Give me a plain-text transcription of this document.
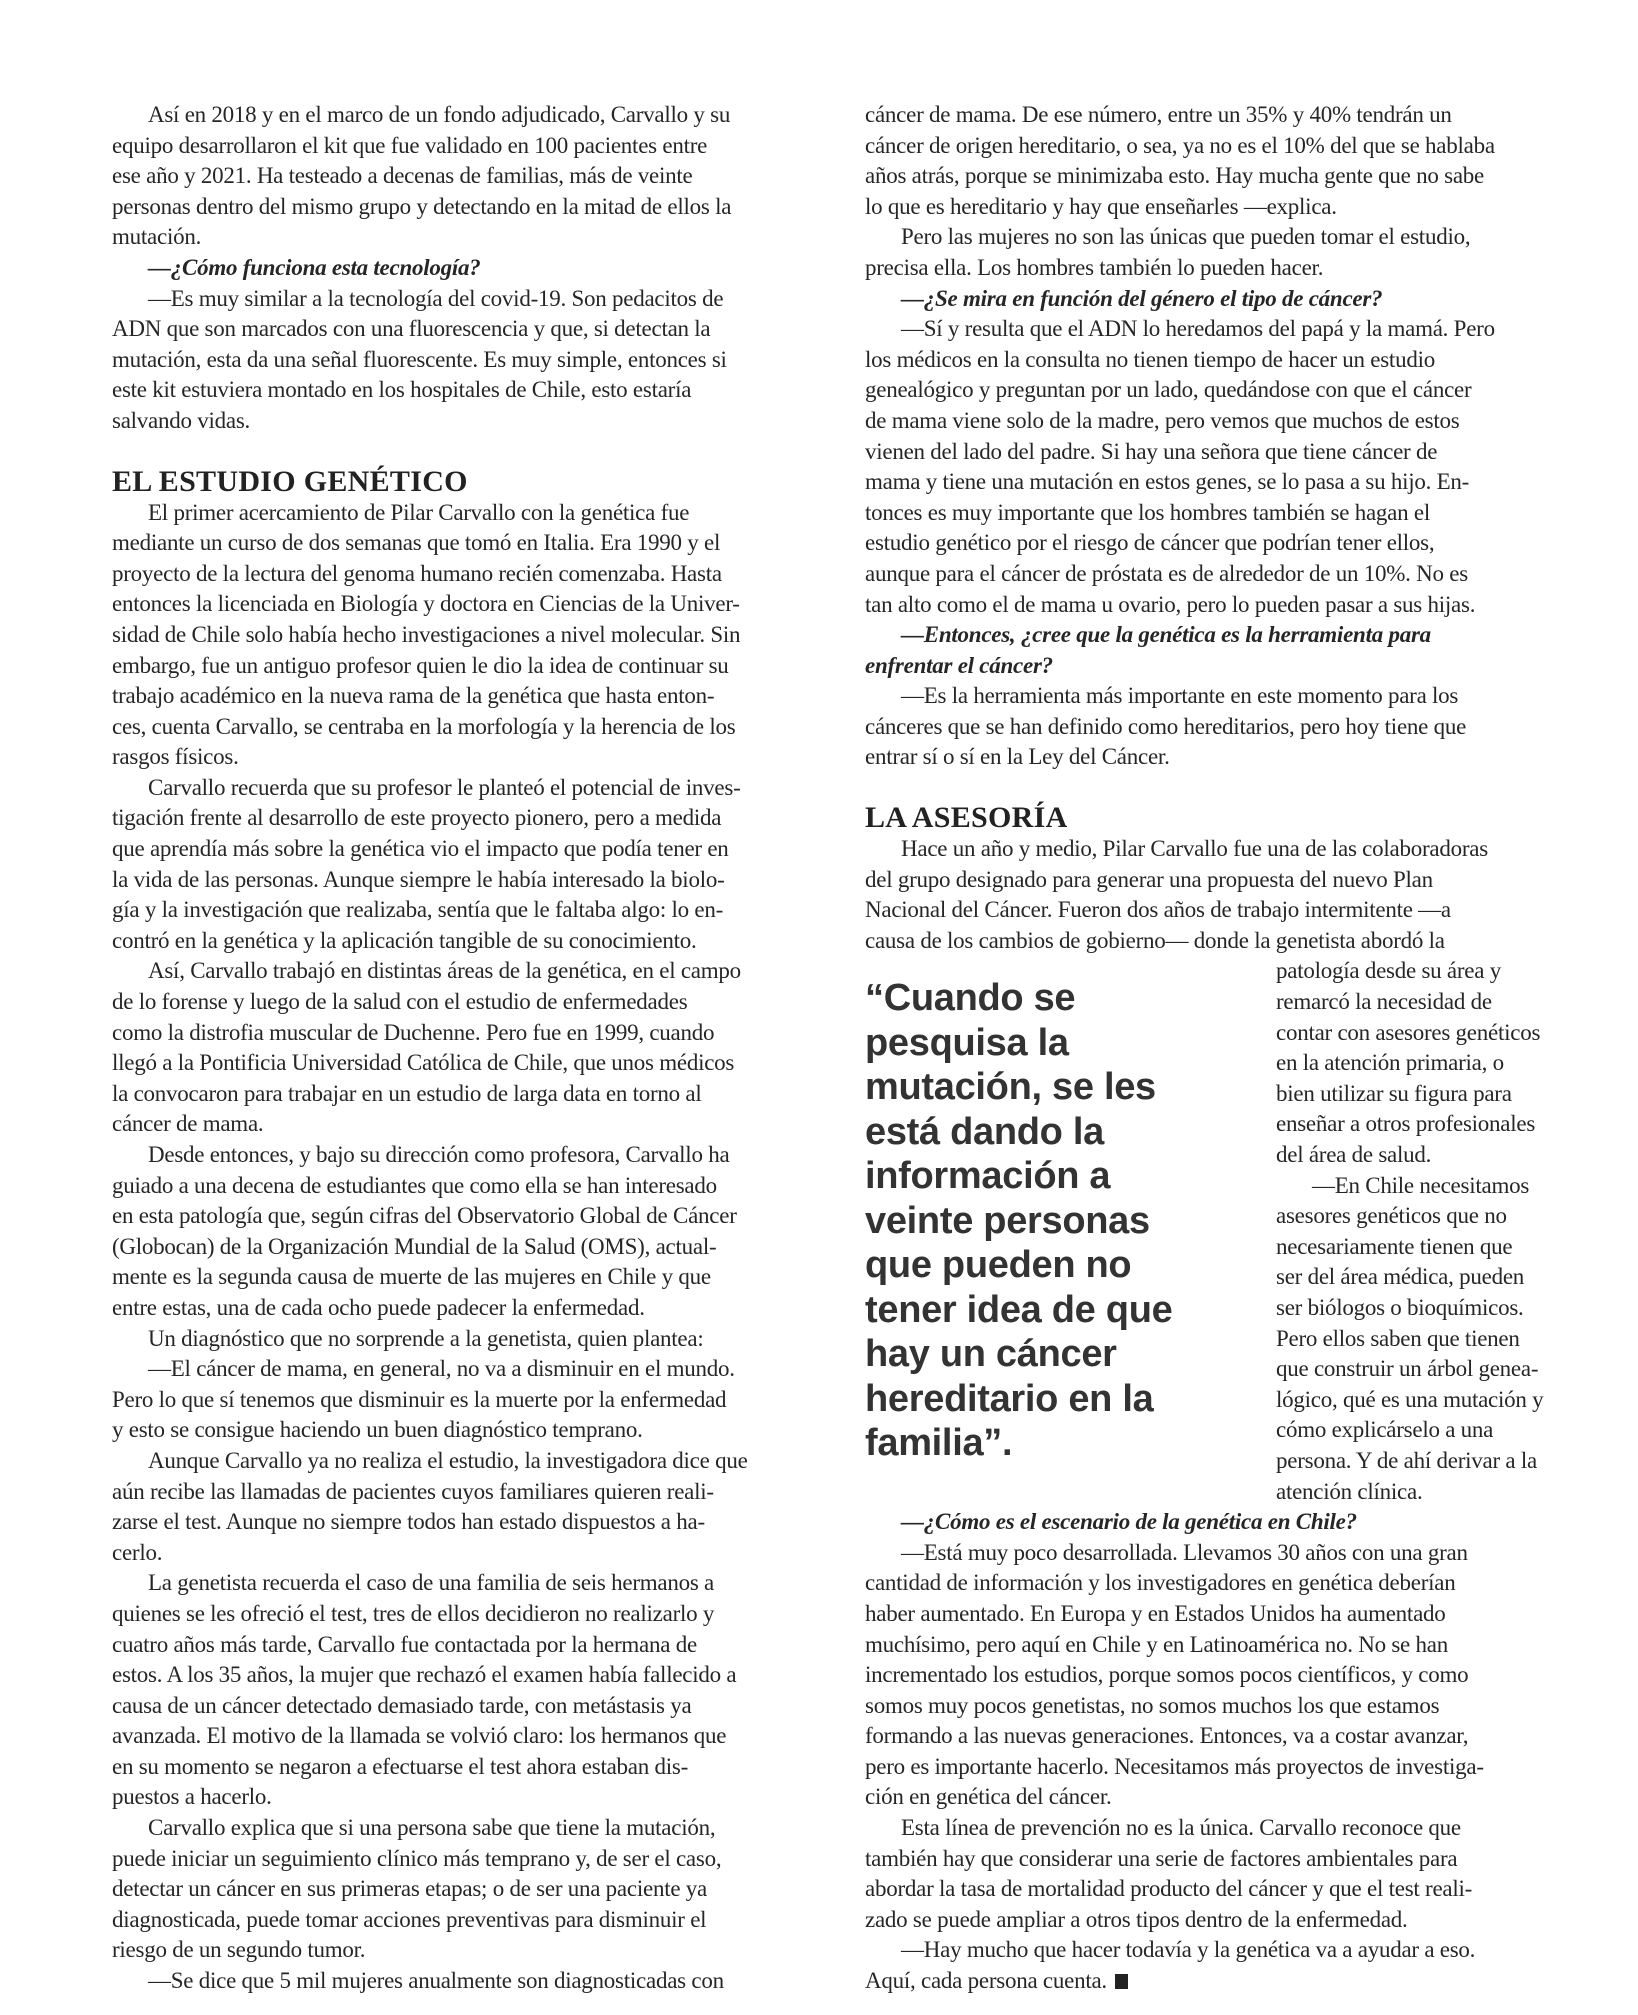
Así en 2018 y en el marco de un fondo adjudicado, Carvallo y su
equipo desarrollaron el kit que fue validado en 100 pacientes entre
ese año y 2021. Ha testeado a decenas de familias, más de veinte
personas dentro del mismo grupo y detectando en la mitad de ellos la
mutación.

—¿Cómo funciona esta tecnología?

—Es muy similar a la tecnología del covid-19. Son pedacitos de
ADN que son marcados con una fluorescencia y que, si detectan la
mutación, esta da una señal fluorescente. Es muy simple, entonces si
este kit estuviera montado en los hospitales de Chile, esto estaría
salvando vidas.

EL ESTUDIO GENÉTICO

El primer acercamiento de Pilar Carvallo con la genética fue
mediante un curso de dos semanas que tomó en Italia. Era 1990 y el
proyecto de la lectura del genoma humano recién comenzaba. Hasta
entonces la licenciada en Biología y doctora en Ciencias de la Univer-
sidad de Chile solo había hecho investigaciones a nivel molecular. Sin
embargo, fue un antiguo profesor quien le dio la idea de continuar su
trabajo académico en la nueva rama de la genética que hasta enton-
ces, cuenta Carvallo, se centraba en la morfología y la herencia de los
rasgos físicos.

Carvallo recuerda que su profesor le planteó el potencial de inves-
tigación frente al desarrollo de este proyecto pionero, pero a medida
que aprendía más sobre la genética vio el impacto que podía tener en
la vida de las personas. Aunque siempre le había interesado la biolo-
gía y la investigación que realizaba, sentía que le faltaba algo: lo en-
contró en la genética y la aplicación tangible de su conocimiento.

Así, Carvallo trabajó en distintas áreas de la genética, en el campo
de lo forense y luego de la salud con el estudio de enfermedades
como la distrofia muscular de Duchenne. Pero fue en 1999, cuando
llegó a la Pontificia Universidad Católica de Chile, que unos médicos
la convocaron para trabajar en un estudio de larga data en torno al
cáncer de mama.

Desde entonces, y bajo su dirección como profesora, Carvallo ha
guiado a una decena de estudiantes que como ella se han interesado
en esta patología que, según cifras del Observatorio Global de Cáncer
(Globocan) de la Organización Mundial de la Salud (OMS), actual-
mente es la segunda causa de muerte de las mujeres en Chile y que
entre estas, una de cada ocho puede padecer la enfermedad.

Un diagnóstico que no sorprende a la genetista, quien plantea:

—El cáncer de mama, en general, no va a disminuir en el mundo.
Pero lo que sí tenemos que disminuir es la muerte por la enfermedad
y esto se consigue haciendo un buen diagnóstico temprano.

Aunque Carvallo ya no realiza el estudio, la investigadora dice que
aún recibe las llamadas de pacientes cuyos familiares quieren reali-
zarse el test. Aunque no siempre todos han estado dispuestos a ha-
cerlo.

La genetista recuerda el caso de una familia de seis hermanos a
quienes se les ofreció el test, tres de ellos decidieron no realizarlo y
cuatro años más tarde, Carvallo fue contactada por la hermana de
estos. A los 35 años, la mujer que rechazó el examen había fallecido a
causa de un cáncer detectado demasiado tarde, con metástasis ya
avanzada. El motivo de la llamada se volvió claro: los hermanos que
en su momento se negaron a efectuarse el test ahora estaban dis-
puestos a hacerlo.

Carvallo explica que si una persona sabe que tiene la mutación,
puede iniciar un seguimiento clínico más temprano y, de ser el caso,
detectar un cáncer en sus primeras etapas; o de ser una paciente ya
diagnosticada, puede tomar acciones preventivas para disminuir el
riesgo de un segundo tumor.

—Se dice que 5 mil mujeres anualmente son diagnosticadas con

cáncer de mama. De ese número, entre un 35% y 40% tendrán un
cáncer de origen hereditario, o sea, ya no es el 10% del que se hablaba
años atrás, porque se minimizaba esto. Hay mucha gente que no sabe
lo que es hereditario y hay que enseñarles —explica.

Pero las mujeres no son las únicas que pueden tomar el estudio,
precisa ella. Los hombres también lo pueden hacer.

—¿Se mira en función del género el tipo de cáncer?

—Sí y resulta que el ADN lo heredamos del papá y la mamá. Pero
los médicos en la consulta no tienen tiempo de hacer un estudio
genealógico y preguntan por un lado, quedándose con que el cáncer
de mama viene solo de la madre, pero vemos que muchos de estos
vienen del lado del padre. Si hay una señora que tiene cáncer de
mama y tiene una mutación en estos genes, se lo pasa a su hijo. En-
tonces es muy importante que los hombres también se hagan el
estudio genético por el riesgo de cáncer que podrían tener ellos,
aunque para el cáncer de próstata es de alrededor de un 10%. No es
tan alto como el de mama u ovario, pero lo pueden pasar a sus hijas.

—Entonces, ¿cree que la genética es la herramienta para
enfrentar el cáncer?

—Es la herramienta más importante en este momento para los
cánceres que se han definido como hereditarios, pero hoy tiene que
entrar sí o sí en la Ley del Cáncer.

LA ASESORÍA

Hace un año y medio, Pilar Carvallo fue una de las colaboradoras
del grupo designado para generar una propuesta del nuevo Plan
Nacional del Cáncer. Fueron dos años de trabajo intermitente —a
causa de los cambios de gobierno— donde la genetista abordó la

“Cuando se
pesquisa la
mutación, se les
está dando la
información a
veinte personas
que pueden no
tener idea de que
hay un cáncer
hereditario en la
familia”.

patología desde su área y
remarcó la necesidad de
contar con asesores genéticos
en la atención primaria, o
bien utilizar su figura para
enseñar a otros profesionales
del área de salud.

—En Chile necesitamos
asesores genéticos que no
necesariamente tienen que
ser del área médica, pueden
ser biólogos o bioquímicos.
Pero ellos saben que tienen
que construir un árbol genea-
lógico, qué es una mutación y
cómo explicárselo a una
persona. Y de ahí derivar a la
atención clínica.

—¿Cómo es el escenario de la genética en Chile?

—Está muy poco desarrollada. Llevamos 30 años con una gran
cantidad de información y los investigadores en genética deberían
haber aumentado. En Europa y en Estados Unidos ha aumentado
muchísimo, pero aquí en Chile y en Latinoamérica no. No se han
incrementado los estudios, porque somos pocos científicos, y como
somos muy pocos genetistas, no somos muchos los que estamos
formando a las nuevas generaciones. Entonces, va a costar avanzar,
pero es importante hacerlo. Necesitamos más proyectos de investiga-
ción en genética del cáncer.

Esta línea de prevención no es la única. Carvallo reconoce que
también hay que considerar una serie de factores ambientales para
abordar la tasa de mortalidad producto del cáncer y que el test reali-
zado se puede ampliar a otros tipos dentro de la enfermedad.

—Hay mucho que hacer todavía y la genética va a ayudar a eso.
Aquí, cada persona cuenta.
